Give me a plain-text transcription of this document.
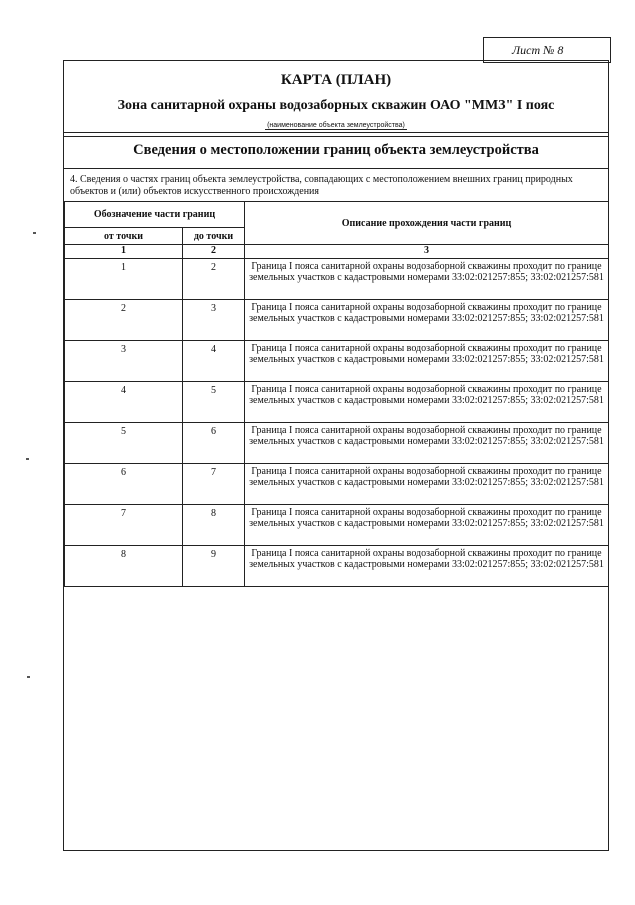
Лист № 8
КАРТА (ПЛАН)
Зона санитарной охраны водозаборных скважин ОАО "ММЗ" I пояс
(наименование объекта землеустройства)
Сведения о местоположении границ объекта землеустройства
4. Сведения о частях границ объекта землеустройства, совпадающих с местоположением внешних границ природных объектов и (или) объектов искусственного происхождения
Обозначение части границ		Описание прохождения части границ
от точки	до точки	
1	2	3
1	2	Граница I пояса санитарной охраны водозаборной скважины проходит по границе земельных участков с кадастровыми номерами 33:02:021257:855; 33:02:021257:581
2	3	Граница I пояса санитарной охраны водозаборной скважины проходит по границе земельных участков с кадастровыми номерами 33:02:021257:855; 33:02:021257:581
3	4	Граница I пояса санитарной охраны водозаборной скважины проходит по границе земельных участков с кадастровыми номерами 33:02:021257:855; 33:02:021257:581
4	5	Граница I пояса санитарной охраны водозаборной скважины проходит по границе земельных участков с кадастровыми номерами 33:02:021257:855; 33:02:021257:581
5	6	Граница I пояса санитарной охраны водозаборной скважины проходит по границе земельных участков с кадастровыми номерами 33:02:021257:855; 33:02:021257:581
6	7	Граница I пояса санитарной охраны водозаборной скважины проходит по границе земельных участков с кадастровыми номерами 33:02:021257:855; 33:02:021257:581
7	8	Граница I пояса санитарной охраны водозаборной скважины проходит по границе земельных участков с кадастровыми номерами 33:02:021257:855; 33:02:021257:581
8	9	Граница I пояса санитарной охраны водозаборной скважины проходит по границе земельных участков с кадастровыми номерами 33:02:021257:855; 33:02:021257:581
